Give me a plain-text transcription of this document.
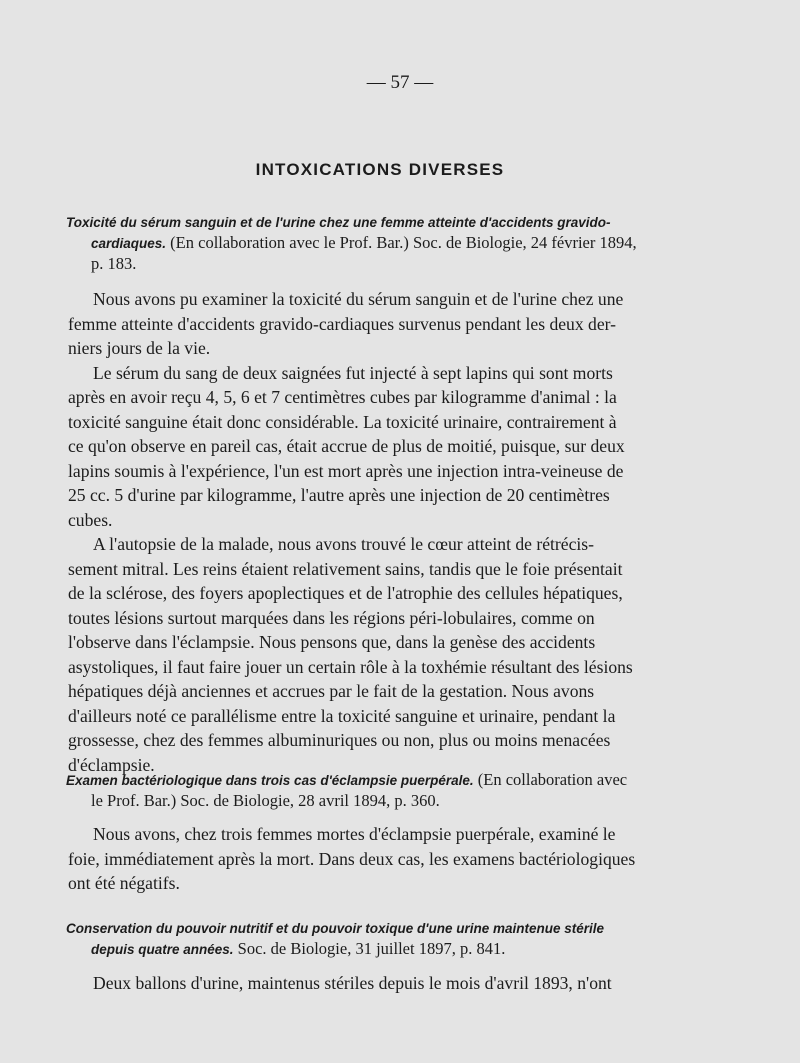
— 57 —
INTOXICATIONS DIVERSES
Toxicité du sérum sanguin et de l'urine chez une femme atteinte d'accidents gravido-
cardiaques. (En collaboration avec le Prof. Bar.) Soc. de Biologie, 24 février 1894,
p. 183.
Nous avons pu examiner la toxicité du sérum sanguin et de l'urine chez une
femme atteinte d'accidents gravido-cardiaques survenus pendant les deux der-
niers jours de la vie.
Le sérum du sang de deux saignées fut injecté à sept lapins qui sont morts
après en avoir reçu 4, 5, 6 et 7 centimètres cubes par kilogramme d'animal : la
toxicité sanguine était donc considérable. La toxicité urinaire, contrairement à
ce qu'on observe en pareil cas, était accrue de plus de moitié, puisque, sur deux
lapins soumis à l'expérience, l'un est mort après une injection intra-veineuse de
25 cc. 5 d'urine par kilogramme, l'autre après une injection de 20 centimètres
cubes.
A l'autopsie de la malade, nous avons trouvé le cœur atteint de rétrécis-
sement mitral. Les reins étaient relativement sains, tandis que le foie présentait
de la sclérose, des foyers apoplectiques et de l'atrophie des cellules hépatiques,
toutes lésions surtout marquées dans les régions péri-lobulaires, comme on
l'observe dans l'éclampsie. Nous pensons que, dans la genèse des accidents
asystoliques, il faut faire jouer un certain rôle à la toxhémie résultant des lésions
hépatiques déjà anciennes et accrues par le fait de la gestation. Nous avons
d'ailleurs noté ce parallélisme entre la toxicité sanguine et urinaire, pendant la
grossesse, chez des femmes albuminuriques ou non, plus ou moins menacées
d'éclampsie.
Examen bactériologique dans trois cas d'éclampsie puerpérale. (En collaboration avec
le Prof. Bar.) Soc. de Biologie, 28 avril 1894, p. 360.
Nous avons, chez trois femmes mortes d'éclampsie puerpérale, examiné le
foie, immédiatement après la mort. Dans deux cas, les examens bactériologiques
ont été négatifs.
Conservation du pouvoir nutritif et du pouvoir toxique d'une urine maintenue stérile
depuis quatre années. Soc. de Biologie, 31 juillet 1897, p. 841.
Deux ballons d'urine, maintenus stériles depuis le mois d'avril 1893, n'ont
